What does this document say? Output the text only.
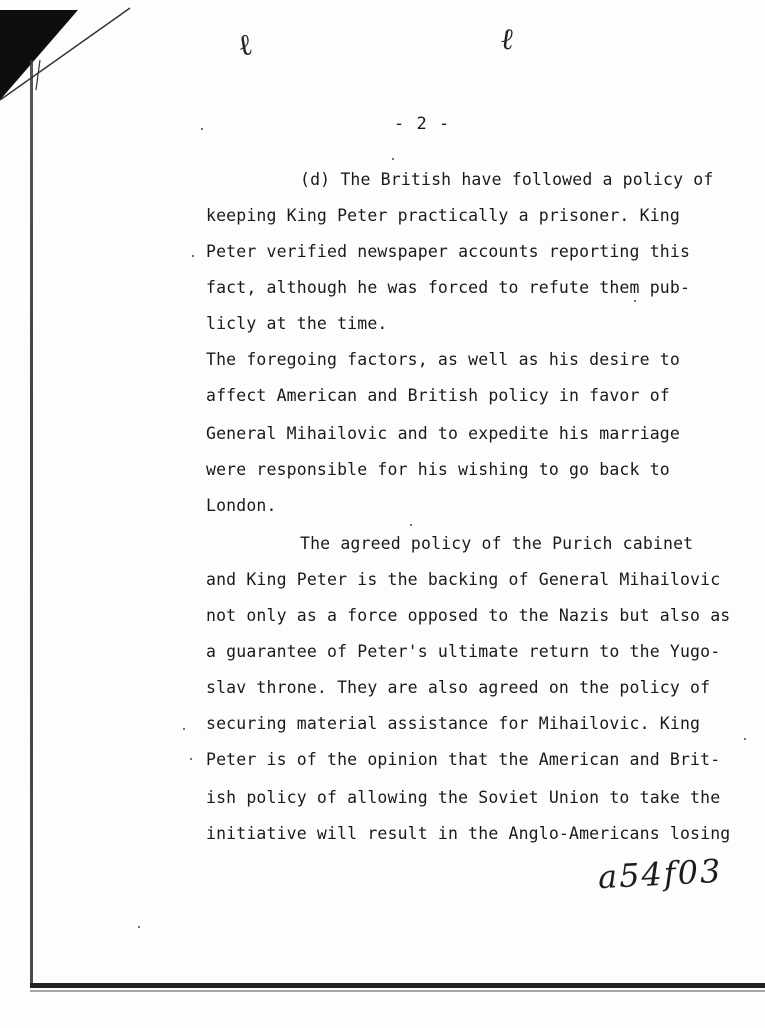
ℓ	ℓ
- 2 -
(d) The British have followed a policy of
keeping King Peter practically a prisoner. King
Peter verified newspaper accounts reporting this
fact, although he was forced to refute them pub-
licly at the time.
The foregoing factors, as well as his desire to
affect American and British policy in favor of
General Mihailovic and to expedite his marriage
were responsible for his wishing to go back to
London.
The agreed policy of the Purich cabinet
and King Peter is the backing of General Mihailovic
not only as a force opposed to the Nazis but also as
a guarantee of Peter's ultimate return to the Yugo-
slav throne. They are also agreed on the policy of
securing material assistance for Mihailovic. King
Peter is of the opinion that the American and Brit-
ish policy of allowing the Soviet Union to take the
initiative will result in the Anglo-Americans losing
a54f03
